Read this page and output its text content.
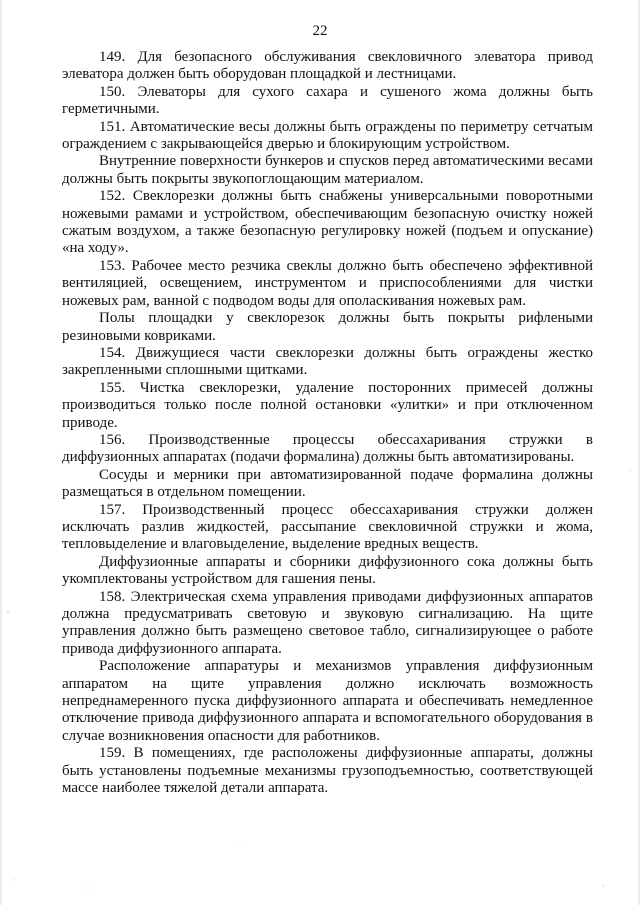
22

149. Для безопасного обслуживания свекловичного элеватора привод элеватора должен быть оборудован площадкой и лестницами.

150. Элеваторы для сухого сахара и сушеного жома должны быть герметичными.

151. Автоматические весы должны быть ограждены по периметру сетчатым ограждением с закрывающейся дверью и блокирующим устройством.

Внутренние поверхности бункеров и спусков перед автоматическими весами должны быть покрыты звукопоглощающим материалом.

152. Свеклорезки должны быть снабжены универсальными поворотными ножевыми рамами и устройством, обеспечивающим безопасную очистку ножей сжатым воздухом, а также безопасную регулировку ножей (подъем и опускание) «на ходу».

153. Рабочее место резчика свеклы должно быть обеспечено эффективной вентиляцией, освещением, инструментом и приспособлениями для чистки ножевых рам, ванной с подводом воды для ополаскивания ножевых рам.

Полы площадки у свеклорезок должны быть покрыты рифлеными резиновыми ковриками.

154. Движущиеся части свеклорезки должны быть ограждены жестко закрепленными сплошными щитками.

155. Чистка свеклорезки, удаление посторонних примесей должны производиться только после полной остановки «улитки» и при отключенном приводе.

156. Производственные процессы обессахаривания стружки в диффузионных аппаратах (подачи формалина) должны быть автоматизированы.

Сосуды и мерники при автоматизированной подаче формалина должны размещаться в отдельном помещении.

157. Производственный процесс обессахаривания стружки должен исключать разлив жидкостей, рассыпание свекловичной стружки и жома, тепловыделение и влаговыделение, выделение вредных веществ.

Диффузионные аппараты и сборники диффузионного сока должны быть укомплектованы устройством для гашения пены.

158. Электрическая схема управления приводами диффузионных аппаратов должна предусматривать световую и звуковую сигнализацию. На щите управления должно быть размещено световое табло, сигнализирующее о работе привода диффузионного аппарата.

Расположение аппаратуры и механизмов управления диффузионным аппаратом на щите управления должно исключать возможность непреднамеренного пуска диффузионного аппарата и обеспечивать немедленное отключение привода диффузионного аппарата и вспомогательного оборудования в случае возникновения опасности для работников.

159. В помещениях, где расположены диффузионные аппараты, должны быть установлены подъемные механизмы грузоподъемностью, соответствующей массе наиболее тяжелой детали аппарата.
